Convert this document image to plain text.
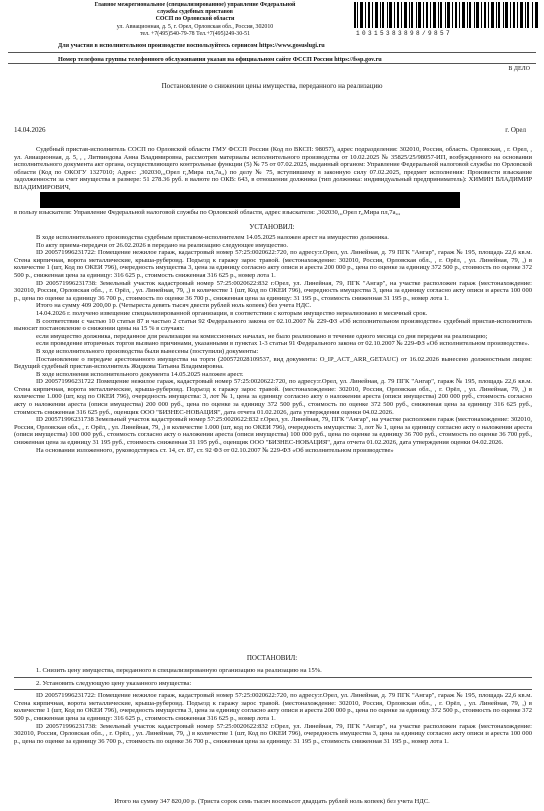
Главное межрегиональное (специализированное) управление Федеральной
службы судебных приставов
СОСП по Орловской области
ул. Авиационная, д. 5, г. Орел, Орловская обл., Россия, 302010
тел. +7(495)540-79-78 Тел.+7(495)249-30-51	10315383898/9857
Для участия в исполнительном производстве воспользуйтесь сервисом https://www.gosuslugi.ru
Номер телефона группы телефонного обслуживания указан на официальном сайте ФССП России https://fssp.gov.ru
В ДЕЛО
Постановление о снижении цены имущества, переданного на реализацию
14.04.2026	г. Орел

Судебный пристав-исполнитель СОСП по Орловской области ГМУ ФССП России (Код по ВКСП: 98057), адрес подразделения: 302010, Россия, область. Орловская, , г. Орел, , ул. Авиационная, д. 5, , , Литвиндова Анна Владимировна, рассмотрев материалы исполнительного производства от 10.02.2025 № 35825/25/98057-ИП, возбужденного на основании исполнительного документа акт органа, осуществляющего контрольные функции (5) № 75 от 07.02.2025, выданный органом: Управление Федеральной налоговой службы по Орловской области (Код по ОКОГУ 1327010; Адрес: ,302030,,,Орел г,,Мира пл,7а,,) по делу № 75, вступившему в законную силу 07.02.2025, предмет исполнения: Произвести взыскание задолженности за счет имущества в размере: 51 278.36 руб. в валюте по ОКВ: 643, в отношении должника (тип должника: индивидуальный предприниматель): ХИМИН ВЛАДИМИР ВЛАДИМИРОВИЧ,

в пользу взыскателя: Управление Федеральной налоговой службы по Орловской области, адрес взыскателя: ,302030,,,Орел г,,Мира пл,7а,,,

УСТАНОВИЛ:

В ходе исполнительного производства судебным приставом-исполнителем 14.05.2025 наложен арест на имущество должника.

По акту приема-передачи от 26.02.2026 в передано на реализацию следующее имущество.

ID 200571996231722: Помещение нежилое гараж, кадастровый номер 57:25:0020622:720, по адресу:г.Орел, ул. Линейная, д. 79 ПГК "Ангар", гараж № 195, площадь 22,6 кв.м. Стена кирпичная, ворота металлические, крыша-рубероид. Подъезд к гаражу зарос травой. (местонахождение: 302010, Россия, Орловская обл., , г. Орёл, , ул. Линейная, 79, ,) в количестве 1 (шт, Код по ОКЕИ 796), очередность имущества 3, цена за единицу согласно акту описи и ареста 200 000 р., цена по оценке за единицу 372 500 р., стоимость по оценке 372 500 р., сниженная цена за единицу: 316 625 р., стоимость сниженная 316 625 р., номер лота 1.

ID 200571996231738: Земельный участок кадастровый номер 57:25:0020622:832 г.Орел, ул. Линейная, 79, ПГК "Ангар", на участке расположен гараж (местонахождение: 302010, Россия, Орловская обл., , г. Орёл, , ул. Линейная, 79, ,) в количестве 1 (шт, Код по ОКЕИ 796), очередность имущества 3, цена за единицу согласно акту описи и ареста 100 000 р., цена по оценке за единицу 36 700 р., стоимость по оценке 36 700 р., сниженная цена за единицу: 31 195 р., стоимость сниженная 31 195 р., номер лота 1.

Итого на сумму 409 200,00 р. (Четыреста девять тысяч двести рублей ноль копеек) без учета НДС.

14.04.2026 г. получено извещение специализированной организации, в соответствии с которым имущество нереализовано в месячный срок.

В соответствии с частью 10 статьи 87 и частью 2 статьи 92 Федерального закона от 02.10.2007 № 229-ФЗ «Об исполнительном производстве» судебный пристав-исполнитель выносит постановление о снижении цены на 15 % в случаях:

если имущество должника, переданное для реализации на комиссионных началах, не было реализовано в течение одного месяца со дня передачи на реализацию;

если проведение вторичных торгов вызвано причинами, указанными в пунктах 1-3 статьи 91 Федерального закона от 02.10.2007 № 229-ФЗ «Об исполнительном производстве».

В ходе исполнительного производства были вынесены (поступили) документы:

Постановление о передаче арестованного имущества на торги (200572028109537, вид документа: O_IP_ACT_ARR_GETAUC) от 16.02.2026 вынесено должностным лицом: Ведущий судебный пристав-исполнитель Жидкова Татьяна Владимировна.

В ходе исполнения исполнительного документа 14.05.2025 наложен арест.

ID 200571996231722 Помещение нежилое гараж, кадастровый номер 57:25:0020622:720, по адресу:г.Орел, ул. Линейная, д. 79 ПГК "Ангар", гараж № 195, площадь 22,6 кв.м. Стена кирпичная, ворота металлические, крыша-рубероид. Подъезд к гаражу зарос травой. (местонахождение: 302010, Россия, Орловская обл., , г. Орёл, , ул. Линейная, 79, ,) в количестве 1.000 (шт, код по ОКЕИ 796), очередность имущества: 3, лот № 1, цена за единицу согласно акту о наложении ареста (описи имущества) 200 000 руб., стоимость согласно акту о наложении ареста (описи имущества) 200 000 руб., цена по оценке за единицу 372 500 руб., стоимость по оценке 372 500 руб., сниженная цена за единицу 316 625 руб., стоимость сниженная 316 625 руб., оценщик ООО "БИЗНЕС-НОВАЦИЯ", дата отчета 01.02.2026, дата утверждения оценки 04.02.2026.

ID 200571996231738 Земельный участок кадастровый номер 57:25:0020622:832 г.Орел, ул. Линейная, 79, ПГК "Ангар", на участке расположен гараж (местонахождение: 302010, Россия, Орловская обл., , г. Орёл, , ул. Линейная, 79, ,) в количестве 1.000 (шт, код по ОКЕИ 796), очередность имущества: 3, лот № 1, цена за единицу согласно акту о наложении ареста (описи имущества) 100 000 руб., стоимость согласно акту о наложении ареста (описи имущества) 100 000 руб., цена по оценке за единицу 36 700 руб., стоимость по оценке 36 700 руб., сниженная цена за единицу 31 195 руб., стоимость сниженная 31 195 руб., оценщик ООО "БИЗНЕС-НОВАЦИЯ", дата отчета 01.02.2026, дата утверждения оценки 04.02.2026.

На основании изложенного, руководствуясь ст. 14, ст. 87, ст. 92 ФЗ от 02.10.2007 № 229-ФЗ «Об исполнительном производстве»

ПОСТАНОВИЛ:

1. Снизить цену имущества, переданного в специализированную организацию на реализацию на 15%.

2. Установить следующую цену указанного имущества:

ID 200571996231722: Помещение нежилое гараж, кадастровый номер 57:25:0020622:720, по адресу:г.Орел, ул. Линейная, д. 79 ПГК "Ангар", гараж № 195, площадь 22,6 кв.м. Стена кирпичная, ворота металлические, крыша-рубероид. Подъезд к гаражу зарос травой. (местонахождение: 302010, Россия, Орловская обл., , г. Орёл, , ул. Линейная, 79, ,) в количестве 1 (шт, Код по ОКЕИ 796), очередность имущества 3, цена за единицу согласно акту описи и ареста 200 000 р., цена по оценке за единицу 372 500 р., стоимость по оценке 372 500 р., сниженная цена за единицу: 316 625 р., стоимость сниженная 316 625 р., номер лота 1.

ID 200571996231738: Земельный участок кадастровый номер 57:25:0020622:832 г.Орел, ул. Линейная, 79, ПГК "Ангар", на участке расположен гараж (местонахождение: 302010, Россия, Орловская обл., , г. Орёл, , ул. Линейная, 79, ,) в количестве 1 (шт, Код по ОКЕИ 796), очередность имущества 3, цена за единицу согласно акту описи и ареста 100 000 р., цена по оценке за единицу 36 700 р., стоимость по оценке 36 700 р., сниженная цена за единицу: 31 195 р., стоимость сниженная 31 195 р., номер лота 1.

Итого на сумму 347 820,00 р. (Триста сорок семь тысяч восемьсот двадцать рублей ноль копеек) без учета НДС.
